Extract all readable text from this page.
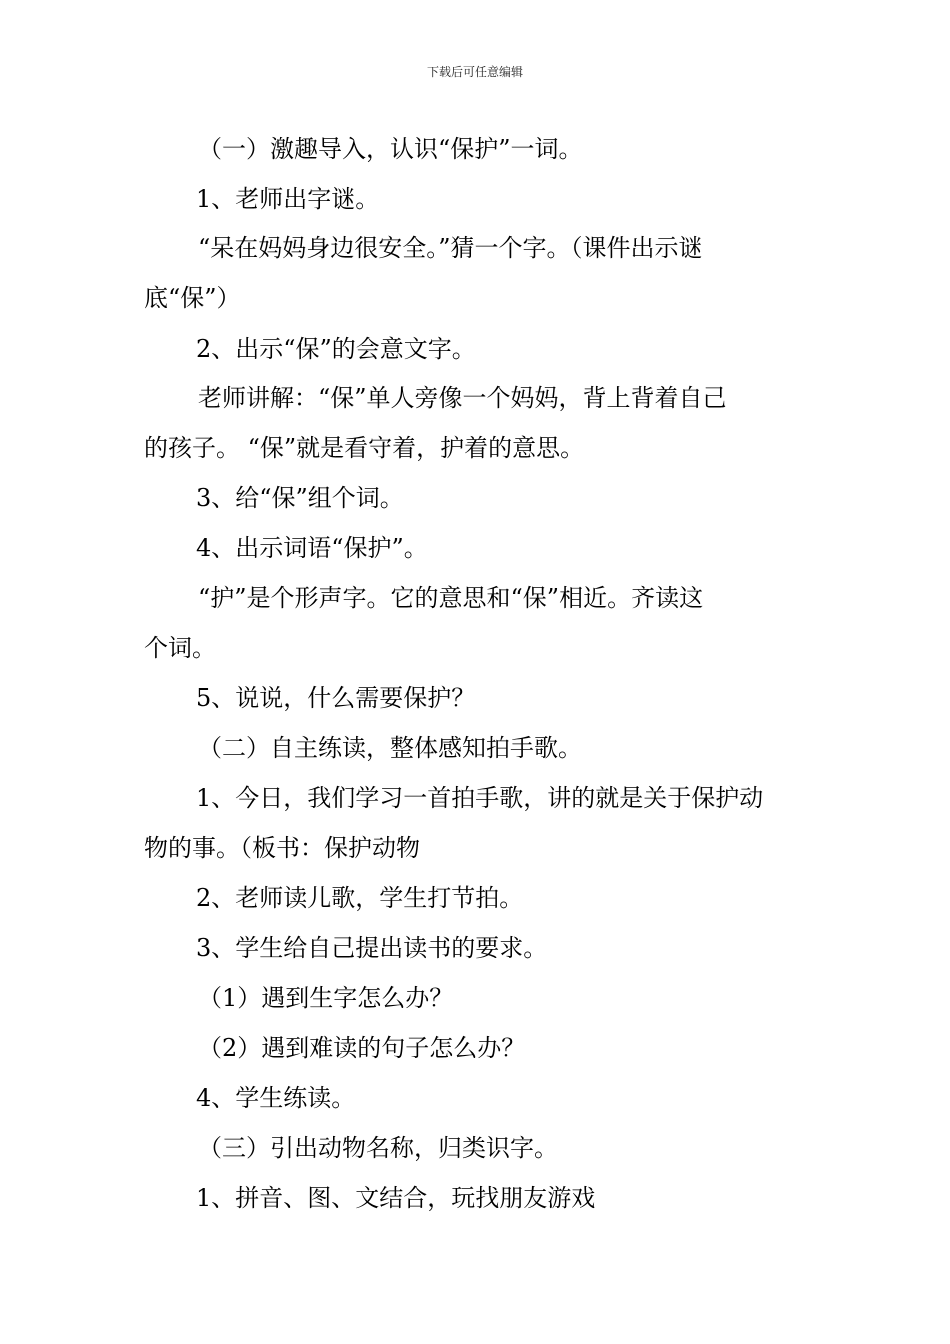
下载后可任意编辑
（一）激趣导入，认识“保护”一词。
1、老师出字谜。
“呆在妈妈身边很安全。”猜一个字。（课件出示谜
底“保”）
2、出示“保”的会意文字。
老师讲解：“保”单人旁像一个妈妈，背上背着自己
的孩子。 “保”就是看守着，护着的意思。
3、给“保”组个词。
4、出示词语“保护”。
“护”是个形声字。它的意思和“保”相近。齐读这
个词。
5、说说，什么需要保护？
（二）自主练读，整体感知拍手歌。
1、今日，我们学习一首拍手歌，讲的就是关于保护动
物的事。（板书：保护动物
2、老师读儿歌，学生打节拍。
3、学生给自己提出读书的要求。
（1）遇到生字怎么办？
（2）遇到难读的句子怎么办？
4、学生练读。
（三）引出动物名称，归类识字。
1、拼音、图、文结合，玩找朋友游戏
